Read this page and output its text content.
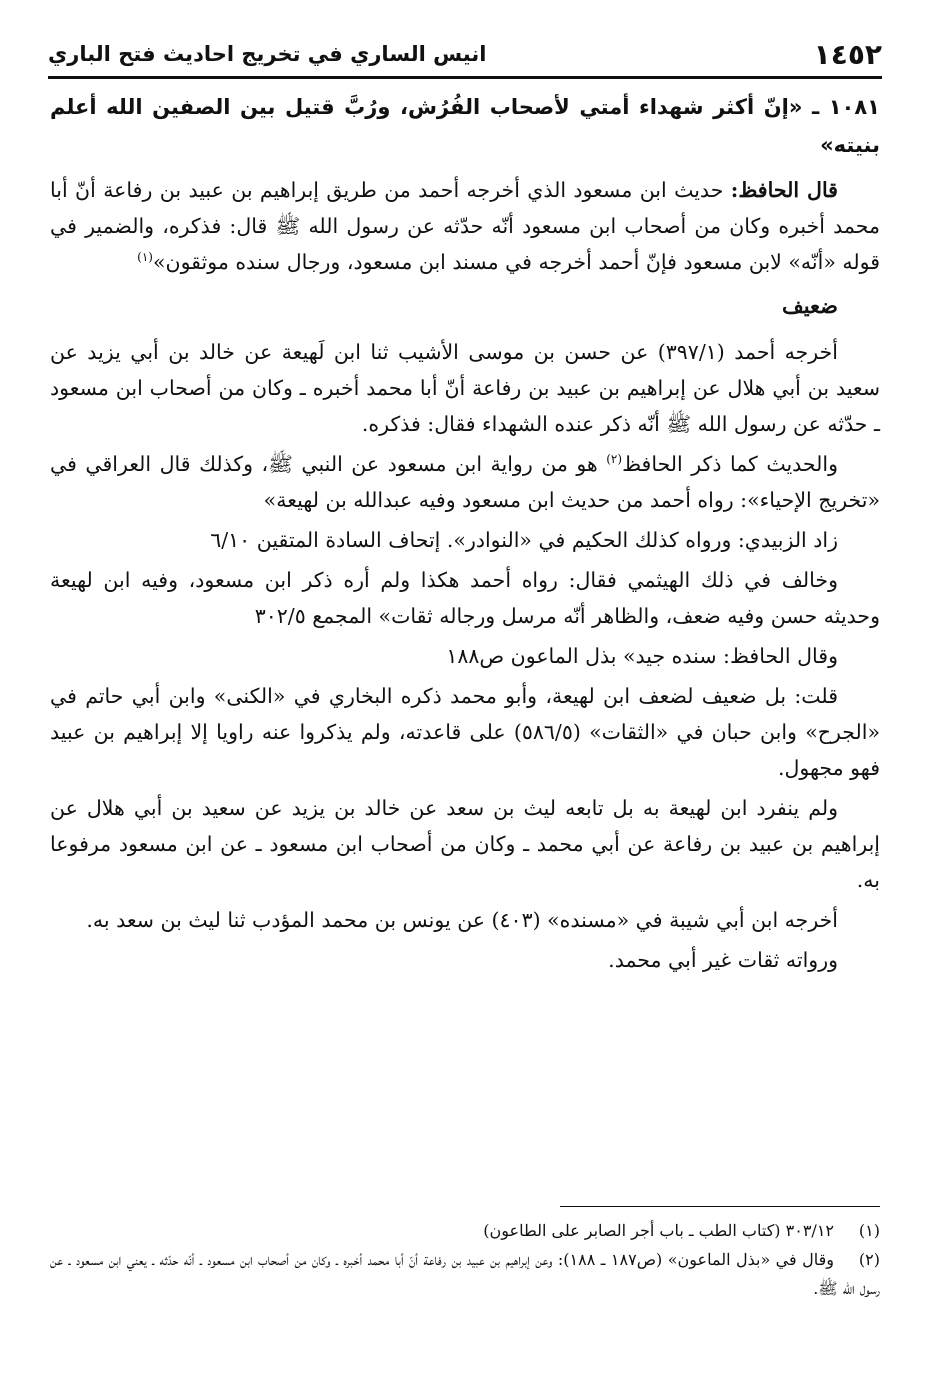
١٤٥٢
انيس الساري في تخريج احاديث فتح الباري

١٠٨١ ـ «إنّ أكثر شهداء أمتي لأصحاب الفُرُش، ورُبَّ قتيل بين الصفين الله أعلم بنيته»

قال الحافظ: حديث ابن مسعود الذي أخرجه أحمد من طريق إبراهيم بن عبيد بن رفاعة أنّ أبا محمد أخبره وكان من أصحاب ابن مسعود أنّه حدّثه عن رسول الله ﷺ قال: فذكره، والضمير في قوله «أنّه» لابن مسعود فإنّ أحمد أخرجه في مسند ابن مسعود، ورجال سنده موثقون»$^{(١)}$

ضعيف

أخرجه أحمد (٣٩٧/١) عن حسن بن موسى الأشيب ثنا ابن لَهيعة عن خالد بن أبي يزيد عن سعيد بن أبي هلال عن إبراهيم بن عبيد بن رفاعة أنّ أبا محمد أخبره ـ وكان من أصحاب ابن مسعود ـ حدّثه عن رسول الله ﷺ أنّه ذكر عنده الشهداء فقال: فذكره.

والحديث كما ذكر الحافظ$^{(٢)}$ هو من رواية ابن مسعود عن النبي ﷺ، وكذلك قال العراقي في «تخريج الإحياء»: رواه أحمد من حديث ابن مسعود وفيه عبدالله بن لهيعة»

زاد الزبيدي: ورواه كذلك الحكيم في «النوادر». إتحاف السادة المتقين ٦/١٠

وخالف في ذلك الهيثمي فقال: رواه أحمد هكذا ولم أره ذكر ابن مسعود، وفيه ابن لهيعة وحديثه حسن وفيه ضعف، والظاهر أنّه مرسل ورجاله ثقات» المجمع ٣٠٢/٥

وقال الحافظ: سنده جيد» بذل الماعون ص١٨٨

قلت: بل ضعيف لضعف ابن لهيعة، وأبو محمد ذكره البخاري في «الكنى» وابن أبي حاتم في «الجرح» وابن حبان في «الثقات» (٥٨٦/٥) على قاعدته، ولم يذكروا عنه راويا إلا إبراهيم بن عبيد فهو مجهول.

ولم ينفرد ابن لهيعة به بل تابعه ليث بن سعد عن خالد بن يزيد عن سعيد بن أبي هلال عن إبراهيم بن عبيد بن رفاعة عن أبي محمد ـ وكان من أصحاب ابن مسعود ـ عن ابن مسعود مرفوعا به.

أخرجه ابن أبي شيبة في «مسنده» (٤٠٣) عن يونس بن محمد المؤدب ثنا ليث بن سعد به.

ورواته ثقات غير أبي محمد.

(١)٣٠٣/١٢ (كتاب الطب ـ باب أجر الصابر على الطاعون)

(٢)وقال في «بذل الماعون» (ص١٨٧ ـ ١٨٨): وعن إبراهيم بن عبيد بن رفاعة أنّ أبا محمد أخبره ـ وكان من أصحاب ابن مسعود ـ أنّه حدّثه ـ يعني ابن مسعود ـ عن رسول الله ﷺ.
